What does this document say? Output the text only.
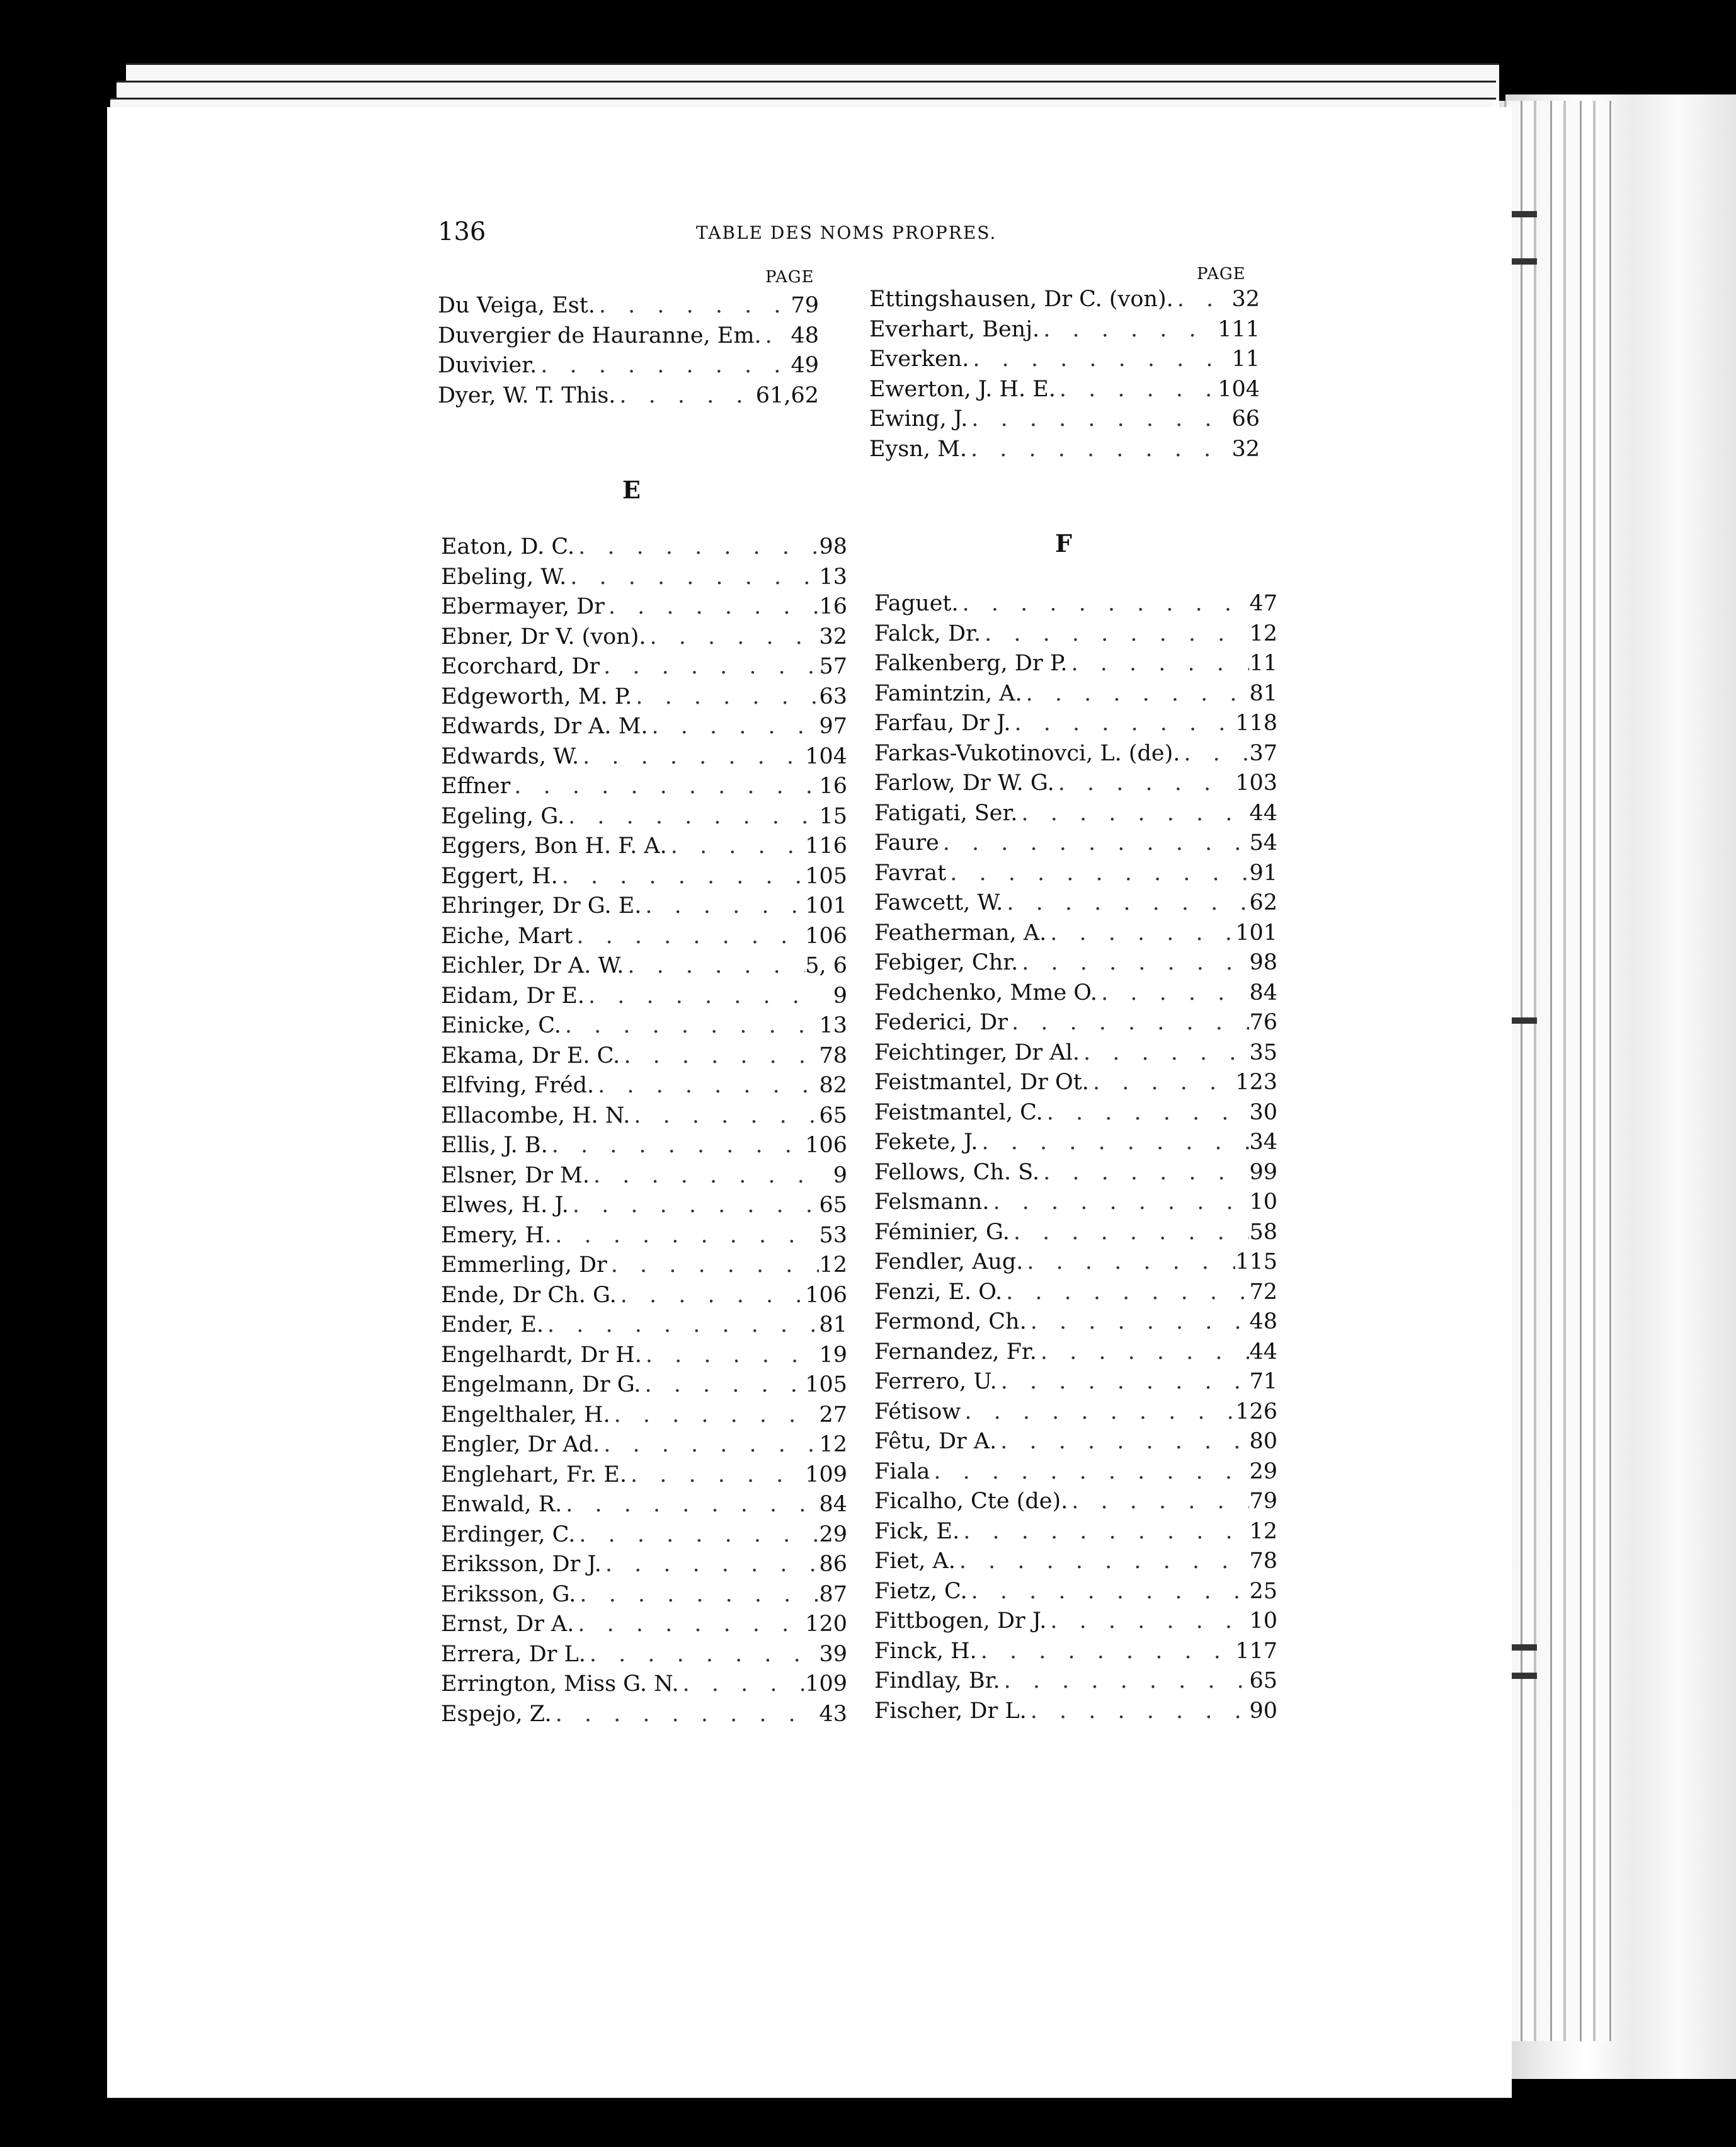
136	TABLE DES NOMS PROPRES.
PAGE	PAGE
Du Veiga, Est. . . .	79
Duvergier de Hauranne, Em. . . . 48
Duvivier. . . .	49
Dyer, W. T. This. . . .	61,62
E
Eaton, D. C. . . .	98
Ebeling, W. . . .	13
Ebermayer, Dr . . .	16
Ebner, Dr V. (von). . . .	32
Ecorchard, Dr . . .	57
Edgeworth, M. P. . . .	63
Edwards, Dr A. M. . . .	97
Edwards, W. . . .	104
Effner . . .	16
Egeling, G. . . .	15
Eggers, Bon H. F. A. . . .	116
Eggert, H. . . .	105
Ehringer, Dr G. E. . . .	101
Eiche, Mart . . .	106
Eichler, Dr A. W. . . .	5, 6
Eidam, Dr E. . . .	9
Einicke, C. . . .	13
Ekama, Dr E. C. . . .	78
Elfving, Fréd. . . .	82
Ellacombe, H. N. . . .	65
Ellis, J. B. . . .	106
Elsner, Dr M. . . .	9
Elwes, H. J. . . .	65
Emery, H. . . .	53
Emmerling, Dr . . .	12
Ende, Dr Ch. G. . . .	106
Ender, E. . . .	81
Engelhardt, Dr H. . . .	19
Engelmann, Dr G. . . .	105
Engelthaler, H. . . .	27
Engler, Dr Ad. . . .	12
Englehart, Fr. E. . . .	109
Enwald, R. . . .	84
Erdinger, C. . . .	29
Eriksson, Dr J. . . .	86
Eriksson, G. . . .	87
Ernst, Dr A. . . .	120
Errera, Dr L. . . .	39
Errington, Miss G. N. . . .	109
Espejo, Z. . . .	43
Ettingshausen, Dr C. (von). . . .	32
Everhart, Benj. . . .	111
Everken. . . .	11
Ewerton, J. H. E. . . .	104
Ewing, J. . . .	66
Eysn, M. . . .	32
F
Faguet. . . .	47
Falck, Dr. . . .	12
Falkenberg, Dr P. . . .	11
Famintzin, A. . . .	81
Farfau, Dr J. . . .	118
Farkas-Vukotinovci, L. (de). . . .	37
Farlow, Dr W. G. . . .	103
Fatigati, Ser. . . .	44
Faure . . .	54
Favrat . . .	91
Fawcett, W. . . .	62
Featherman, A. . . .	101
Febiger, Chr. . . .	98
Fedchenko, Mme O. . . .	84
Federici, Dr . . .	76
Feichtinger, Dr Al. . . .	35
Feistmantel, Dr Ot. . . .	123
Feistmantel, C. . . .	30
Fekete, J. . . .	34
Fellows, Ch. S. . . .	99
Felsmann. . . .	10
Féminier, G. . . .	58
Fendler, Aug. . . .	115
Fenzi, E. O. . . .	72
Fermond, Ch. . . .	48
Fernandez, Fr. . . .	44
Ferrero, U. . . .	71
Fétisow . . .	126
Fêtu, Dr A. . . .	80
Fiala . . .	29
Ficalho, Cte (de). . . .	79
Fick, E. . . .	12
Fiet, A. . . .	78
Fietz, C. . . .	25
Fittbogen, Dr J. . . .	10
Finck, H. . . .	117
Findlay, Br. . . .	65
Fischer, Dr L. . . .	90
